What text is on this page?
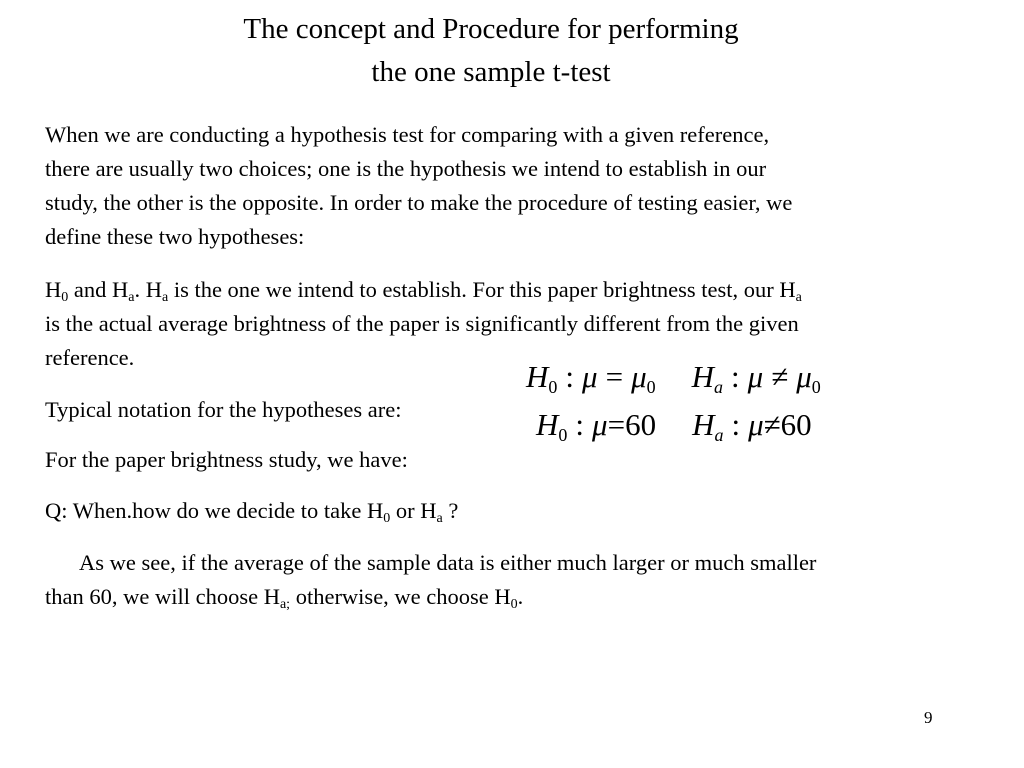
The concept and Procedure for performing
the one sample t-test
When we are conducting a hypothesis test for comparing with a given reference,
there are usually two choices; one is the hypothesis we intend to establish in our
study, the other is the opposite. In order to make the procedure of testing easier, we
define these two hypotheses:
$H_0$ and $H_a$. $H_a$ is the one we intend to establish. For this paper brightness test, our $H_a$
is the actual average brightness of the paper is significantly different from the given
reference.
Typical notation for the hypotheses are:
For the paper brightness study, we have:
Q: When.how do we decide to take $H_0$ or $H_a$ ?
As we see, if the average of the sample data is either much larger or much smaller
than 60, we will choose $H_{a;}$ otherwise, we choose $H_0$.
$H_0$ : $\mu = \mu_0$ $H_a$ : $\mu \ne \mu_0$
$H_0$ : μ=60 $H_a$ : μ≠60
9
